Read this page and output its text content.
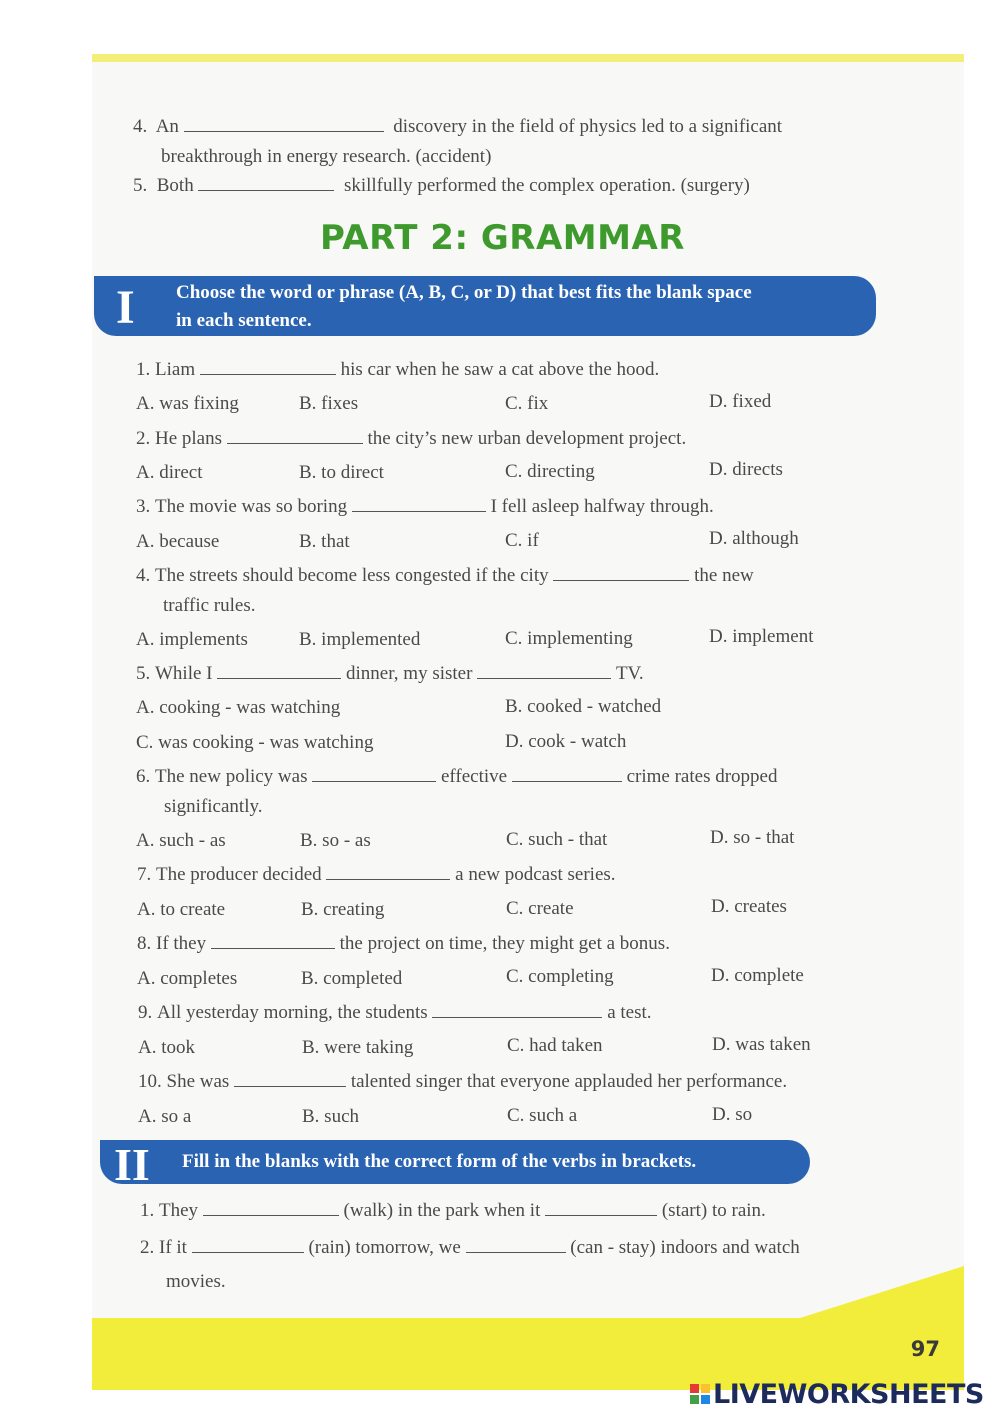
4. An	discovery in the field of physics led to a significant
breakthrough in energy research. (accident)
5. Both	skillfully performed the complex operation. (surgery)
PART 2: GRAMMAR
I Choose the word or phrase (A, B, C, or D) that best fits the blank space
in each sentence.
1. Liam	his car when he saw a cat above the hood.
A. was fixing	B. fixes	C. fix	D. fixed
2. He plans	the city’s new urban development project.
A. direct	B. to direct	C. directing	D. directs
3. The movie was so boring	I fell asleep halfway through.
A. because	B. that	C. if	D. although
4. The streets should become less congested if the city	the new
traffic rules.
A. implements	B. implemented	C. implementing	D. implement
5. While I	dinner, my sister	TV.
A. cooking - was watching	B. cooked - watched
C. was cooking - was watching	D. cook - watch
6. The new policy was	effective	crime rates dropped
significantly.
A. such - as	B. so - as	C. such - that	D. so - that
7. The producer decided	a new podcast series.
A. to create	B. creating	C. create	D. creates
8. If they	the project on time, they might get a bonus.
A. completes	B. completed	C. completing	D. complete
9. All yesterday morning, the students	a test.
A. took	B. were taking	C. had taken	D. was taken
10. She was	talented singer that everyone applauded her performance.
A. so a	B. such	C. such a	D. so
II Fill in the blanks with the correct form of the verbs in brackets.
1. They	(walk) in the park when it	(start) to rain.
2. If it	(rain) tomorrow, we	(can - stay) indoors and watch
movies.
97
LIVEWORKSHEETS
